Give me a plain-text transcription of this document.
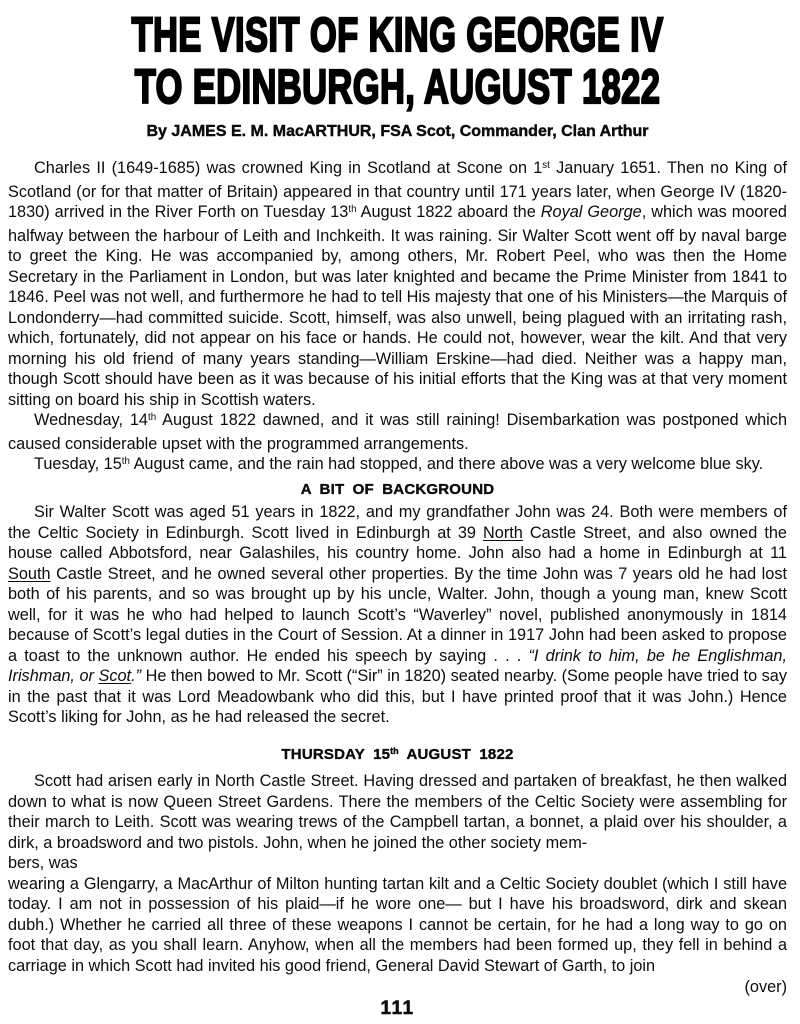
THE VISIT OF KING GEORGE IV
TO EDINBURGH, AUGUST 1822

By JAMES E. M. MacARTHUR, FSA Scot, Commander, Clan Arthur

Charles II (1649-1685) was crowned King in Scotland at Scone on 1st January 1651. Then no King of Scotland (or for that matter of Britain) appeared in that country until 171 years later, when George IV (1820-1830) arrived in the River Forth on Tuesday 13th August 1822 aboard the Royal George, which was moored halfway between the harbour of Leith and Inchkeith. It was raining. Sir Walter Scott went off by naval barge to greet the King. He was accompanied by, among others, Mr. Robert Peel, who was then the Home Secretary in the Parliament in London, but was later knighted and became the Prime Minister from 1841 to 1846. Peel was not well, and furthermore he had to tell His majesty that one of his Ministers—the Marquis of Londonderry—had committed suicide. Scott, himself, was also unwell, being plagued with an irritating rash, which, fortunately, did not appear on his face or hands. He could not, however, wear the kilt. And that very morning his old friend of many years standing—William Erskine—had died. Neither was a happy man, though Scott should have been as it was because of his initial efforts that the King was at that very moment sitting on board his ship in Scottish waters.

Wednesday, 14th August 1822 dawned, and it was still raining! Disembarkation was postponed which caused considerable upset with the programmed arrangements.

Tuesday, 15th August came, and the rain had stopped, and there above was a very welcome blue sky.

A BIT OF BACKGROUND

Sir Walter Scott was aged 51 years in 1822, and my grandfather John was 24. Both were members of the Celtic Society in Edinburgh. Scott lived in Edinburgh at 39 North Castle Street, and also owned the house called Abbotsford, near Galashiles, his country home. John also had a home in Edinburgh at 11 South Castle Street, and he owned several other properties. By the time John was 7 years old he had lost both of his parents, and so was brought up by his uncle, Walter. John, though a young man, knew Scott well, for it was he who had helped to launch Scott’s “Waverley” novel, published anonymously in 1814 because of Scott’s legal duties in the Court of Session. At a dinner in 1917 John had been asked to propose a toast to the unknown author. He ended his speech by saying . . . “I drink to him, be he Englishman, Irishman, or Scot.” He then bowed to Mr. Scott (“Sir” in 1820) seated nearby. (Some people have tried to say in the past that it was Lord Meadowbank who did this, but I have printed proof that it was John.) Hence Scott’s liking for John, as he had released the secret.

THURSDAY 15th AUGUST 1822

Scott had arisen early in North Castle Street. Having dressed and partaken of breakfast, he then walked down to what is now Queen Street Gardens. There the members of the Celtic Society were assembling for their march to Leith. Scott was wearing trews of the Campbell tartan, a bonnet, a plaid over his shoulder, a dirk, a broadsword and two pistols. John, when he joined the other society mem-

bers, was

wearing a Glengarry, a MacArthur of Milton hunting tartan kilt and a Celtic Society doublet (which I still have today. I am not in possession of his plaid—if he wore one— but I have his broadsword, dirk and skean dubh.) Whether he carried all three of these weapons I cannot be certain, for he had a long way to go on foot that day, as you shall learn. Anyhow, when all the members had been formed up, they fell in behind a carriage in which Scott had invited his good friend, General David Stewart of Garth, to join

(over)
111
